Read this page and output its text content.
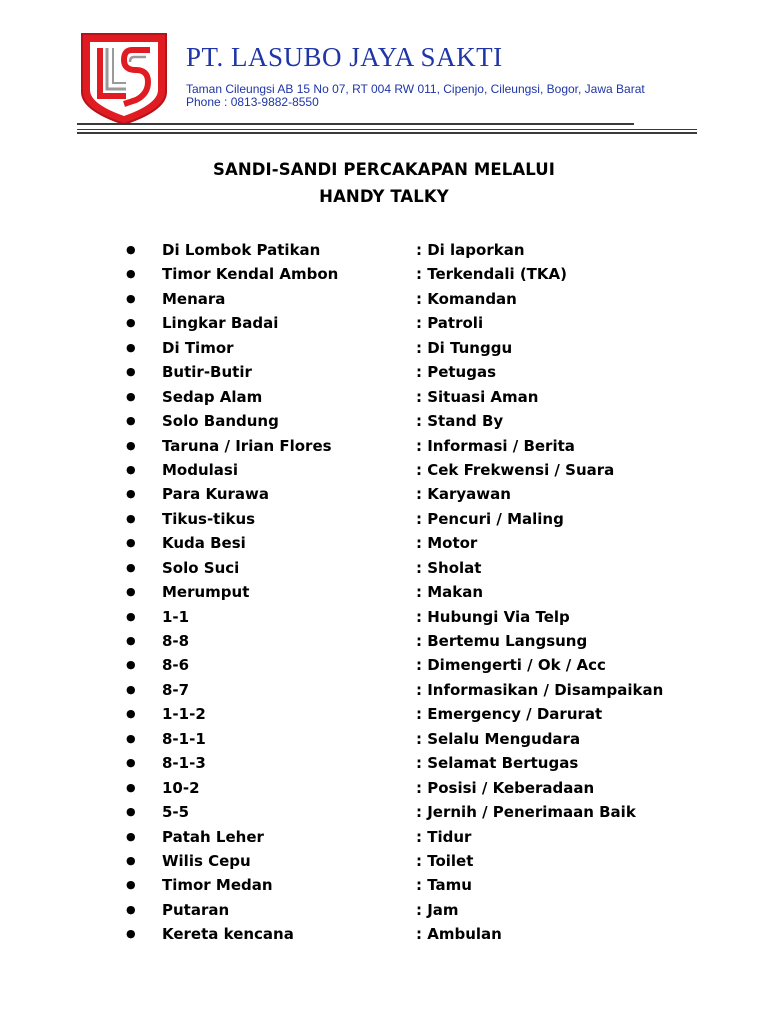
PT. LASUBO JAYA SAKTI
Taman Cileungsi AB 15 No 07, RT 004 RW 011, Cipenjo, Cileungsi, Bogor, Jawa Barat
Phone : 0813-9882-8550
SANDI-SANDI PERCAKAPAN MELALUI
HANDY TALKY
● Di Lombok Patikan	: Di laporkan
● Timor Kendal Ambon	: Terkendali (TKA)
● Menara	: Komandan
● Lingkar Badai	: Patroli
● Di Timor	: Di Tunggu
● Butir-Butir	: Petugas
● Sedap Alam	: Situasi Aman
● Solo Bandung	: Stand By
● Taruna / Irian Flores	: Informasi / Berita
● Modulasi	: Cek Frekwensi / Suara
● Para Kurawa	: Karyawan
● Tikus-tikus	: Pencuri / Maling
● Kuda Besi	: Motor
● Solo Suci	: Sholat
● Merumput	: Makan
● 1-1	: Hubungi Via Telp
● 8-8	: Bertemu Langsung
● 8-6	: Dimengerti / Ok / Acc
● 8-7	: Informasikan / Disampaikan
● 1-1-2	: Emergency / Darurat
● 8-1-1	: Selalu Mengudara
● 8-1-3	: Selamat Bertugas
● 10-2	: Posisi / Keberadaan
● 5-5	: Jernih / Penerimaan Baik
● Patah Leher	: Tidur
● Wilis Cepu	: Toilet
● Timor Medan	: Tamu
● Putaran	: Jam
● Kereta kencana	: Ambulan
